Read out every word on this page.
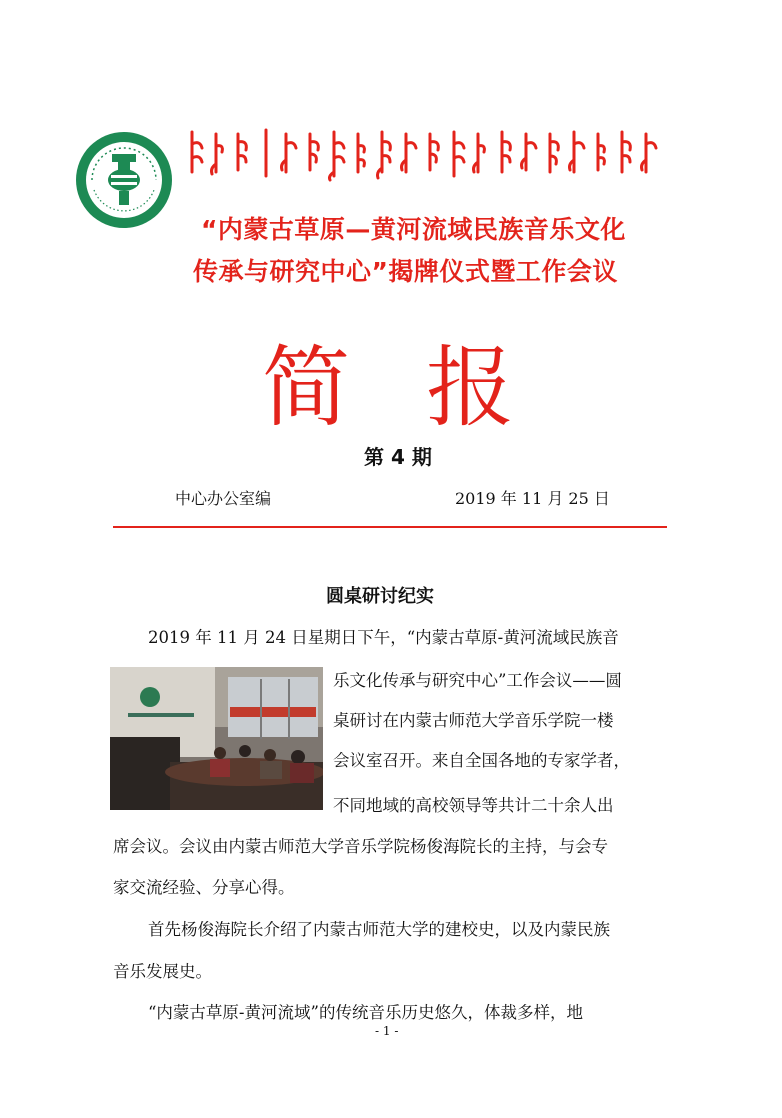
“内蒙古草原—黄河流域民族音乐文化
传承与研究中心”揭牌仪式暨工作会议
简 报
第 4 期
中心办公室编	2019 年 11 月 25 日
圆桌研讨纪实
2019 年 11 月 24 日星期日下午，“内蒙古草原-黄河流域民族音
乐文化传承与研究中心”工作会议——圆
桌研讨在内蒙古师范大学音乐学院一楼
会议室召开。来自全国各地的专家学者，
不同地域的高校领导等共计二十余人出
席会议。会议由内蒙古师范大学音乐学院杨俊海院长的主持，与会专
家交流经验、分享心得。
首先杨俊海院长介绍了内蒙古师范大学的建校史，以及内蒙民族
音乐发展史。
“内蒙古草原-黄河流域”的传统音乐历史悠久，体裁多样，地
- 1 -
